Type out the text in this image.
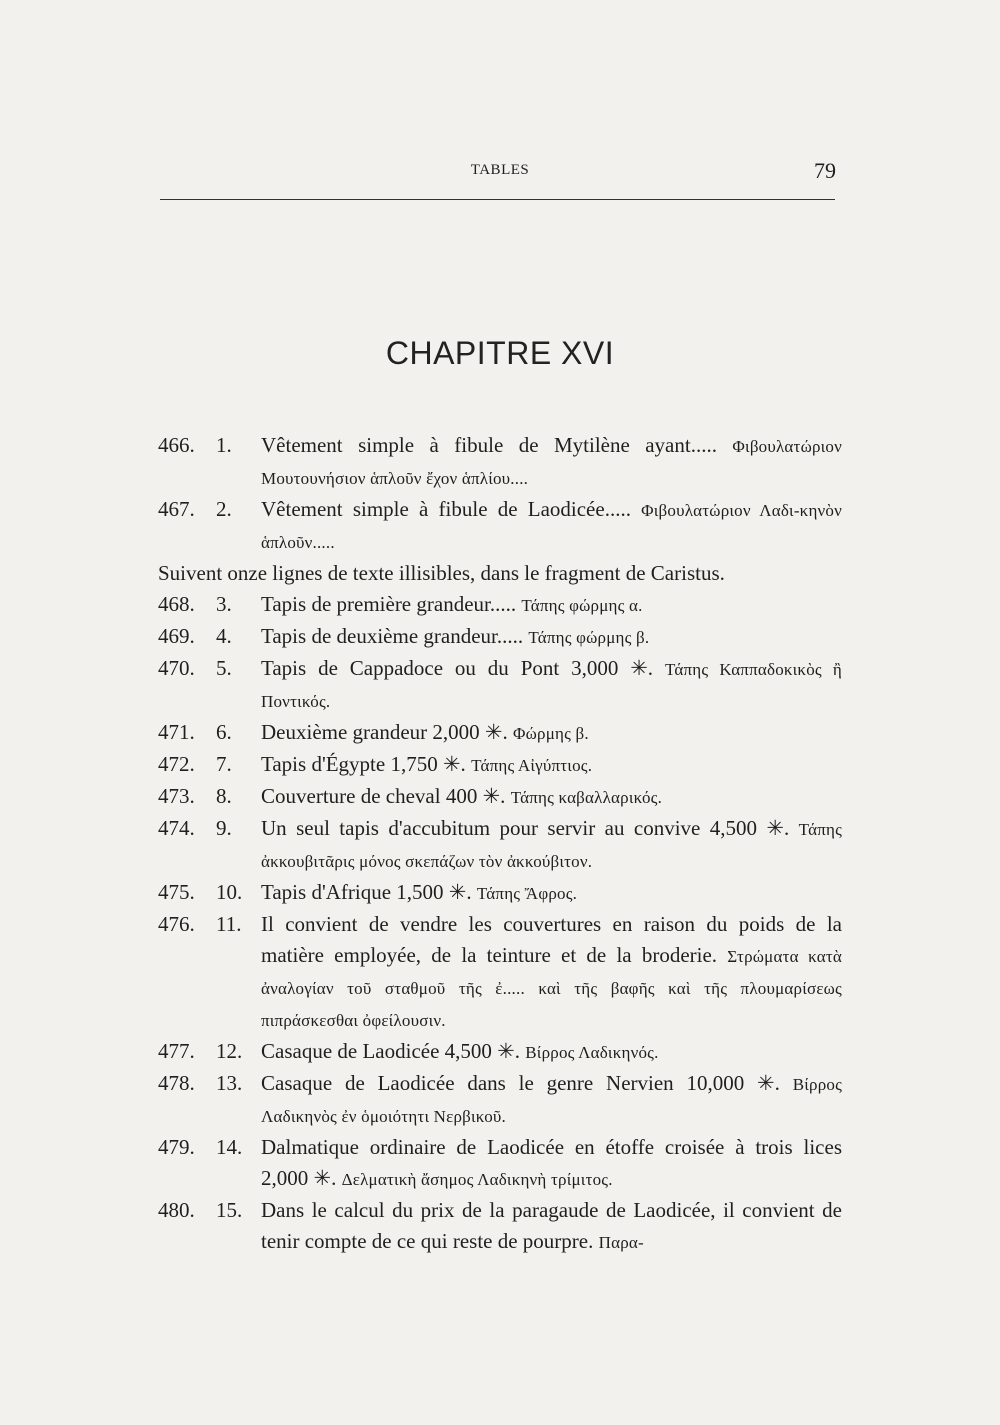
TABLES	79
CHAPITRE XVI
466.	1.	Vêtement simple à fibule de Mytilène ayant..... Φιβουλατώριον Μουτουνήσιον ἁπλοῦν ἔχον ἁπλίου....
467.	2.	Vêtement simple à fibule de Laodicée..... Φιβουλατώριον Λαδι-κηνὸν ἁπλοῦν.....
Suivent onze lignes de texte illisibles, dans le fragment de Caristus.
468.	3.	Tapis de première grandeur..... Τάπης φώρμης α.
469.	4.	Tapis de deuxième grandeur..... Τάπης φώρμης β.
470.	5.	Tapis de Cappadoce ou du Pont 3,000 ✳. Τάπης Καππαδοκικὸς ἢ Ποντικός.
471.	6.	Deuxième grandeur 2,000 ✳. Φώρμης β.
472.	7.	Tapis d'Égypte 1,750 ✳. Τάπης Αἰγύπτιος.
473.	8.	Couverture de cheval 400 ✳. Τάπης καβαλλαρικός.
474.	9.	Un seul tapis d'accubitum pour servir au convive 4,500 ✳. Τάπης ἀκκουβιτᾶρις μόνος σκεπάζων τὸν ἀκκούβιτον.
475.	10. Tapis d'Afrique 1,500 ✳. Τάπης Ἄφρος.
476.	11. Il convient de vendre les couvertures en raison du poids de la matière employée, de la teinture et de la broderie. Στρώματα κατὰ ἀναλογίαν τοῦ σταθμοῦ τῆς ἐ..... καὶ τῆς βαφῆς καὶ τῆς πλουμαρίσεως πιπράσκεσθαι ὀφείλουσιν.
477.	12. Casaque de Laodicée 4,500 ✳. Βίρρος Λαδικηνός.
478.	13. Casaque de Laodicée dans le genre Nervien 10,000 ✳. Βίρρος Λαδικηνὸς ἐν ὁμοιότητι Νερβικοῦ.
479.	14. Dalmatique ordinaire de Laodicée en étoffe croisée à trois lices 2,000 ✳. Δελματικὴ ἄσημος Λαδικηνὴ τρίμιτος.
480.	15. Dans le calcul du prix de la paragaude de Laodicée, il convient de tenir compte de ce qui reste de pourpre. Παρα-
